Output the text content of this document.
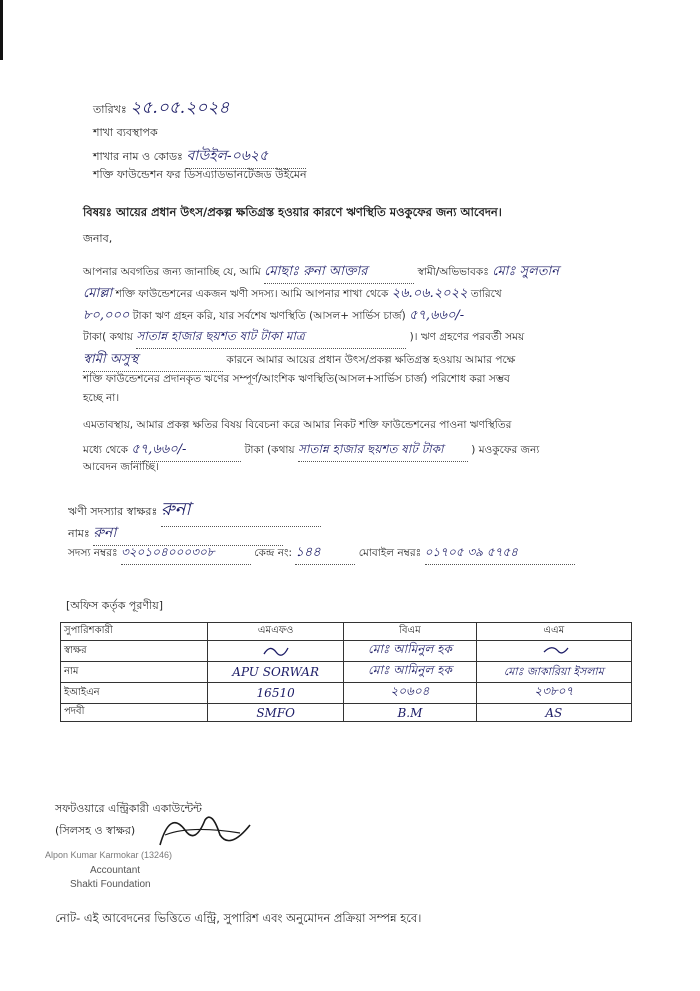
তারিখঃ ২৫.০৫.২০২৪
শাখা ব্যবস্থাপক
শাখার নাম ও কোডঃ বাউইল-০৬২৫
শক্তি ফাউন্ডেশন ফর ডিসএ্যাডভানটেজড উইমেন
বিষয়ঃ আয়ের প্রধান উৎস/প্রকল্প ক্ষতিগ্রস্ত হওয়ার কারণে ঋণস্থিতি মওকুফের জন্য আবেদন।
জনাব,
আপনার অবগতির জন্য জানাচ্ছি যে, আমি মোছাঃ রুনা আক্তার	স্বামী/অভিভাবকঃ মোঃ সুলতান
মোল্লা শক্তি ফাউন্ডেশনের একজন ঋণী সদস্য। আমি আপনার শাখা থেকে ২৬.০৬.২০২২ তারিখে
৮০,০০০ টাকা ঋণ গ্রহন করি, যার সর্বশেষ ঋণস্থিতি (আসল+ সার্ভিস চার্জ) ৫৭,৬৬০/-
টাকা( কথায় সাতান্ন হাজার ছয়শত ষাট টাকা মাত্র	)। ঋণ গ্রহণের পরবর্তী সময়
স্বামী অসুস্থ	কারনে আমার আয়ের প্রধান উৎস/প্রকল্প ক্ষতিগ্রস্ত হওয়ায় আমার পক্ষে
শক্তি ফাউন্ডেশনের প্রদানকৃত ঋণের সম্পূর্ণ/আংশিক ঋণস্থিতি(আসল+সার্ভিস চার্জ) পরিশোধ করা সম্ভব
হচ্ছে না।
এমতাবস্থায়, আমার প্রকল্প ক্ষতির বিষয় বিবেচনা করে আমার নিকট শক্তি ফাউন্ডেশনের পাওনা ঋণস্থিতির
মধ্যে থেকে ৫৭,৬৬০/-	টাকা (কথায় সাতান্ন হাজার ছয়শত ষাট টাকা	) মওকুফের জন্য
আবেদন জানাচ্ছি।
ঋণী সদস্যার স্বাক্ষরঃ রুনা
নামঃ রুনা
সদস্য নম্বরঃ ৩২০১০৪০০০৩০৮	কেন্দ্র নং: ১৪৪	মোবাইল নম্বরঃ ০১৭০৫ ৩৯ ৫৭৫৪
[অফিস কর্তৃক পূরণীয়]
সুপারিশকারী	এমএফও	বিএম	এএম
স্বাক্ষর		মোঃ আমিনুল হক	
নাম	APU SORWAR	মোঃ আমিনুল হক	মোঃ জাকারিয়া ইসলাম
ইআইএন	16510	২০৬০৪	২৩৮০৭
পদবী	SMFO	B.M	AS
সফটওয়ারে এন্ট্রিকারী একাউন্টেন্ট
(সিলসহ ও স্বাক্ষর)
Alpon Kumar Karmokar (13246)
Accountant
Shakti Foundation
নোট- এই আবেদনের ভিত্তিতে এন্ট্রি, সুপারিশ এবং অনুমোদন প্রক্রিয়া সম্পন্ন হবে।
